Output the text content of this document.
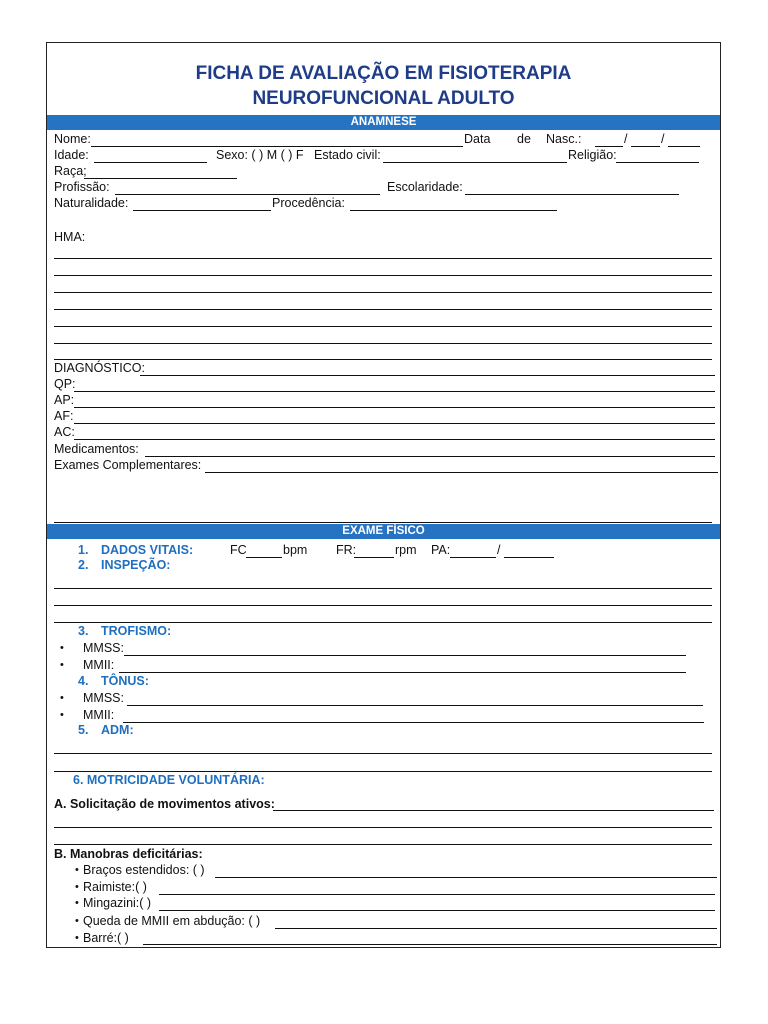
FICHA DE AVALIAÇÃO EM FISIOTERAPIA
NEUROFUNCIONAL ADULTO
ANAMNESE
Nome:	Data de Nasc.:	/	/
Idade:	Sexo: ( ) M ( ) F Estado civil:	Religião:
Raça;
Profissão:	Escolaridade:
Naturalidade:	Procedência:
HMA:
DIAGNÓSTICO:
QP:
AP:
AF:
AC:
Medicamentos:
Exames Complementares:
EXAME FÍSICO
1. DADOS VITAIS:	FC	bpm FR:	rpm PA:	/
2. INSPEÇÃO:
3. TROFISMO:
• MMSS:
• MMII:
4. TÔNUS:
• MMSS:
• MMII:
5. ADM:
6. MOTRICIDADE VOLUNTÁRIA:
A. Solicitação de movimentos ativos:
B. Manobras deficitárias:
• Braços estendidos: ( )
• Raimiste:( )
• Mingazini:( )
• Queda de MMII em abdução: ( )
• Barré:( )
